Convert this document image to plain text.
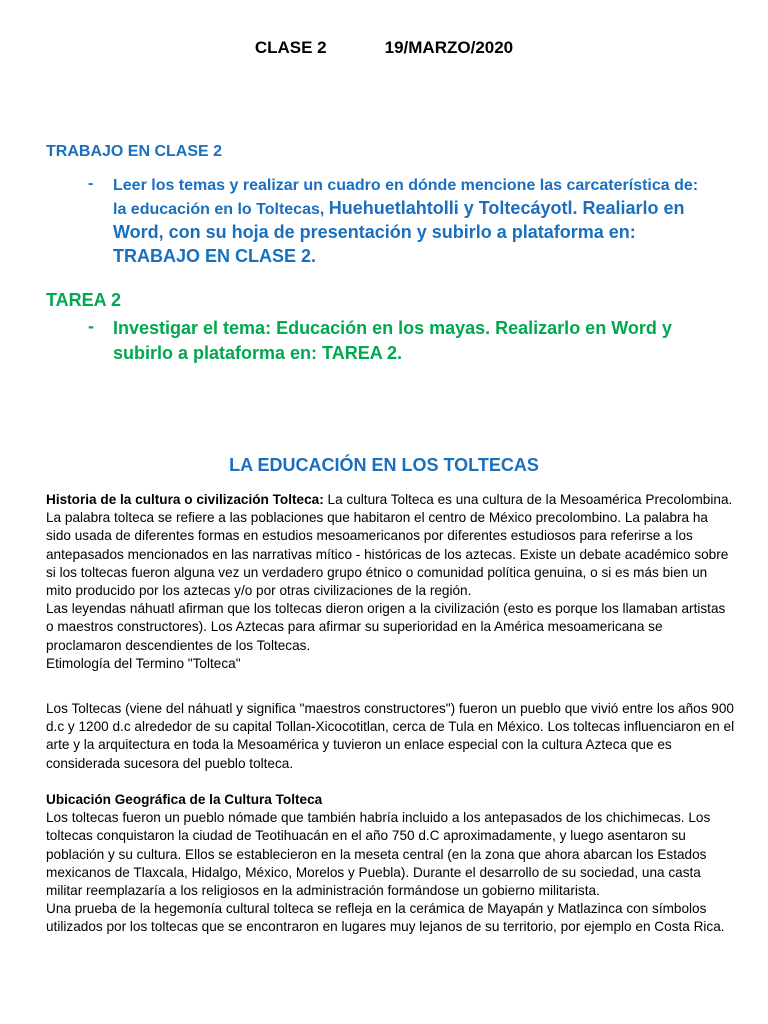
CLASE 2	19/MARZO/2020
TRABAJO EN CLASE 2
- Leer los temas y realizar un cuadro en dónde mencione las carcaterística de: la educación en lo Toltecas, Huehuetlahtolli y Toltecáyotl. Realiarlo en Word, con su hoja de presentación y subirlo a plataforma en: TRABAJO EN CLASE 2.
TAREA 2
- Investigar el tema: Educación en los mayas. Realizarlo en Word y subirlo a plataforma en: TAREA 2.
LA EDUCACIÓN EN LOS TOLTECAS

Historia de la cultura o civilización Tolteca: La cultura Tolteca es una cultura de la Mesoamérica Precolombina. La palabra tolteca se refiere a las poblaciones que habitaron el centro de México precolombino. La palabra ha sido usada de diferentes formas en estudios mesoamericanos por diferentes estudiosos para referirse a los antepasados mencionados en las narrativas mítico - históricas de los aztecas. Existe un debate académico sobre si los toltecas fueron alguna vez un verdadero grupo étnico o comunidad política genuina, o si es más bien un mito producido por los aztecas y/o por otras civilizaciones de la región.

Las leyendas náhuatl afirman que los toltecas dieron origen a la civilización (esto es porque los llamaban artistas o maestros constructores). Los Aztecas para afirmar su superioridad en la América mesoamericana se proclamaron descendientes de los Toltecas.

Etimología del Termino "Tolteca"

Los Toltecas (viene del náhuatl y significa "maestros constructores") fueron un pueblo que vivió entre los años 900 d.c y 1200 d.c alrededor de su capital Tollan-Xicocotitlan, cerca de Tula en México. Los toltecas influenciaron en el arte y la arquitectura en toda la Mesoamérica y tuvieron un enlace especial con la cultura Azteca que es considerada sucesora del pueblo tolteca.

Ubicación Geográfica de la Cultura Tolteca

Los toltecas fueron un pueblo nómade que también habría incluido a los antepasados de los chichimecas. Los toltecas conquistaron la ciudad de Teotihuacán en el año 750 d.C aproximadamente, y luego asentaron su población y su cultura. Ellos se establecieron en la meseta central (en la zona que ahora abarcan los Estados mexicanos de Tlaxcala, Hidalgo, México, Morelos y Puebla). Durante el desarrollo de su sociedad, una casta militar reemplazaría a los religiosos en la administración formándose un gobierno militarista.

Una prueba de la hegemonía cultural tolteca se refleja en la cerámica de Mayapán y Matlazinca con símbolos utilizados por los toltecas que se encontraron en lugares muy lejanos de su territorio, por ejemplo en Costa Rica.
